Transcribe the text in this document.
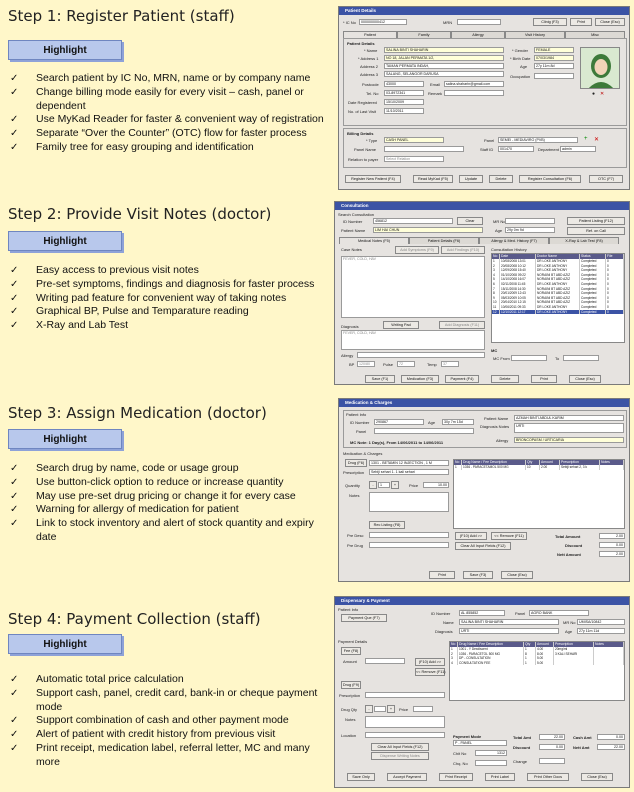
Step 1: Register Patient (staff)
Highlight
✓	Search patient by IC No, MRN, name or by company name
✓	Change billing mode easily for every visit – cash, panel or dependent
✓	Use MyKad Reader for faster & convenient way of registration
✓	Separate “Over the Counter” (OTC) flow for faster process
✓	Family tree for easy grouping and identification
Patient Details
* IC No	000000000412	MRN	Clinig (F3)	Print	Close (Esc)
Patient	Family	Allergy	Visit History	Misc
Patient Details
* Name	SALINA BINTI SHAHARIN
* Address 1	NO 18, JALAN PERMATA 1/2,
Address 2	TAMAN PERMATA INDAH,
Address 3	SALANG, SELANGOR DARUSA
Postcode	43000	Email	salina.shaharin@gmail.com
Tel. No	03-8972341	Remark
Date Registered	15/10/2009
No. of Last Visit	11/10/2011
* Gender	FEMALE
* Birth Date	07/03/1984
Age	27y 11m 8d
Occupation
● ✕
Billing Details
* Type	CASH PANEL	Panel	SEMEI - MEDIAVIRO (PVB)	+ ✕
Panel Name	Staff ID	001470	Department admin
Relation to payer	Select Relation
Register New Patient (F4)	Read MyKad (F5)	Update	Delete	Register Consultation (F6)	OTC (F7)
Step 2: Provide Visit Notes (doctor)
Highlight
✓	Easy access to previous visit notes
✓	Pre-set symptoms, findings and diagnosis for faster process
✓	Writing pad feature for convenient way of taking notes
✓	Graphical BP, Pulse and Temparature reading
✓	X-Ray and Lab Test
Consultation
Search Consultation
ID Number	456812	Clear	MR No
Patient Name	LIM HAI CHUN	Age	29y 0m 9d
Patient Listing (F12)
Ref. on Call
Medical Notes (F5)	Patient Details (F6)	Allergy & Med. History (F7)	X-Ray & Lab Test (F8)
Case Notes	Add Symptoms (F9)	Add Findings (F10)
FEVER, COLD, HAV
Writing Pad	Add Diagnosis (F11)
Diagnosis
FEVER, COLD, HAV
Allergy
BP	120/80	Pulse	72	Temp	37
Consultation History
No	Date	Doctor Name	Status	File
1	10/08/2008 13:01	DR LOKE ANTHONY	Completed	0
2	20/08/2008 10:12	DR LOKE ANTHONY	Completed	0
3	12/09/2008 15:40	DR LOKE ANTHONY	Completed	0
4	01/10/2008 09:22	NORAINI BT ABD AZIZ	Completed	0
5	14/10/2008 16:07	NORAINI BT ABD AZIZ	Completed	0
6	02/11/2008 11:45	DR LOKE ANTHONY	Completed	0
7	15/11/2008 14:30	NORAINI BT ABD AZIZ	Completed	0
8	20/01/2009 12:43	NORAINI BT ABD AZIZ	Completed	0
9	05/03/2009 10:05	NORAINI BT ABD AZIZ	Completed	0
10	20/04/2010 12:15	NORAINI BT ABD AZIZ	Completed	0
11	10/06/2011 09:33	DR LOKE ANTHONY	Completed	0
12	12/10/2011 12:17	DR LOKE ANTHONY	Completed	0
MC
MC From	To
Save (F1)	Medication (F3)	Payment (F4)	Delete	Print	Close (Esc)
Step 3: Assign Medication (doctor)
Highlight
✓	Search drug by name, code or usage group
✓	Use button-click option to reduce or increase quantity
✓	May use pre-set drug pricing or change it for every case
✓	Warning for allergy of medication for patient
✓	Link to stock inventory and alert of stock quantity and expiry date
Medication & Charges
Patient Info
ID Number	290867	Age	30y 7m 15d
Panel
Patient Name	AZMAH BINTI ABDUL KARIM
Diagnosis Notes	URTI
MC Note: 1 Day(s), From 14/06/2011 to 14/06/2011	Allergy	BRONCOPASM / URTICARIA
Medication & Charges
Drug (F6)	1301 - BETAMIN 12 INJECTION , 1 M
Prescription	Sebiji sehari 1. 1 kali sehari
Quantity	-	1	+	Price	10.00
Notes
Rec Listing (F8)
No	Drug Name / Fee Description	Qty	Amount	Prescription	Notes
1	1036 - PARACETAMOL 500 MG	10	2.00	Sebiji sehari 2, 3 k
Pre Desc
Pre Drug
(F10) Add >>	<< Remove (F11)
Clear All Input Fields (F12)
Total Amount	2.00
Discount	0.00
Nett Amount	2.00
Print	Save (F3)	Close (Esc)
Step 4: Payment Collection (staff)
Highlight
✓	Automatic total price calculation
✓	Support cash, panel, credit card, bank-in or cheque payment mode
✓	Support combination of cash and other payment mode
✓	Alert of patient with credit history from previous visit
✓	Print receipt, medication label, referral letter, MC and many more
Dispensary & Payment
Patient Info
Payment Que (F7)
ID Number	AL 855852	Panel	AGRO BANK
Name	SALINA BINTI SHAHARIN	MR No UMISA/10842
Diagnosis	URTI	Age	27y 11m 11d
Payment Details
Fee (F8)
Amount	(F10) Add >>
<< Remove (F11)
Drug (F9)
Prescription
Drug Qty	-	+	Price
Notes
Location
Clear All Input Fields (F12)
Dispense Writing Notes
No	Drug Name / Fee Description	Qty	Amount	Prescription	Notes
1	1001 - Y Dexdiscent	1	4.00	20mg/ml
2	1036 - PARACETOL 500 MG	8	8.00	3 KALI SEHARI
3	DP - CONSULTATION	1	5.00
4	CONSULTATION FEE	1	5.00
Payment Mode
P - PANEL
Chit No	1312
Chq. No
Total Amt	22.00
Discount	0.00
Change
Cash Amt	0.00
Nett Amt	22.00
Save Only	Accept Payment	Print Receipt	Print Label	Print Other Docs	Close (Esc)
